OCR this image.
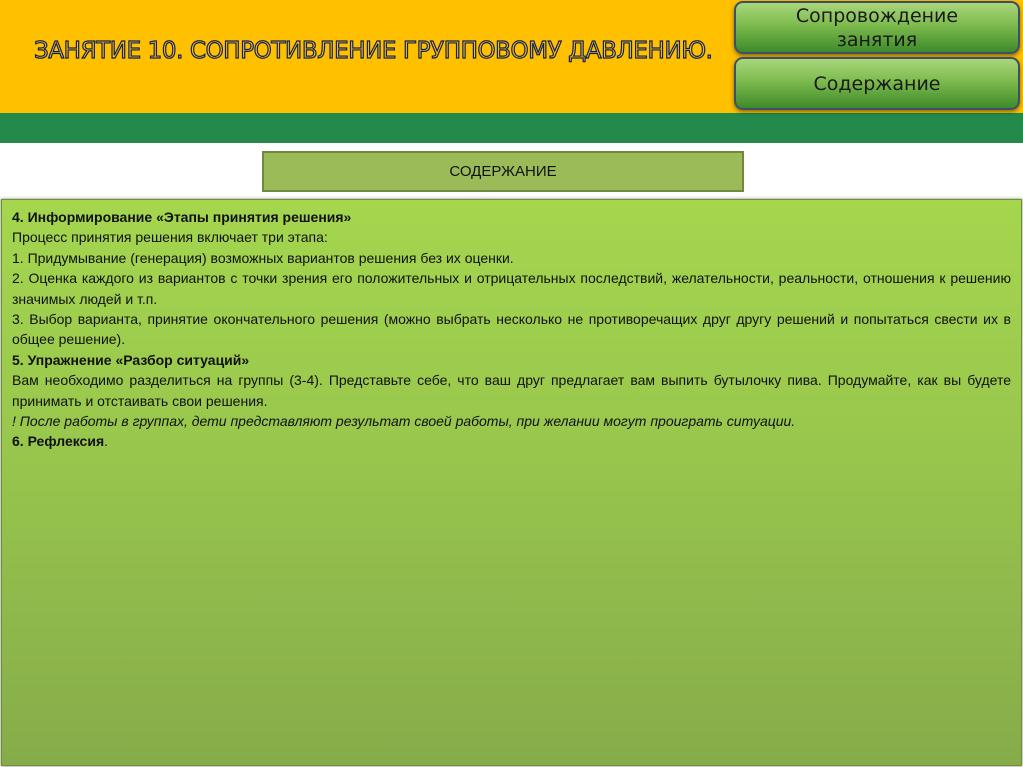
ЗАНЯТИЕ 10. СОПРОТИВЛЕНИЕ ГРУППОВОМУ ДАВЛЕНИЮ.
Сопровождение
занятия
Содержание
СОДЕРЖАНИЕ

4. Информирование «Этапы принятия решения»

Процесс принятия решения включает три этапа:

1. Придумывание (генерация) возможных вариантов решения без их оценки.

2. Оценка каждого из вариантов с точки зрения его положительных и отрицательных последствий, желательности, реальности, отношения к решению значимых людей и т.п.

3. Выбор варианта, принятие окончательного решения (можно выбрать несколько не противоречащих друг другу решений и попытаться свести их в общее решение).

5. Упражнение «Разбор ситуаций»

Вам необходимо разделиться на группы (3-4). Представьте себе, что ваш друг предлагает вам выпить бутылочку пива. Продумайте, как вы будете принимать и отстаивать свои решения.

! После работы в группах, дети представляют результат своей работы, при желании могут проиграть ситуации.

6. Рефлексия.
